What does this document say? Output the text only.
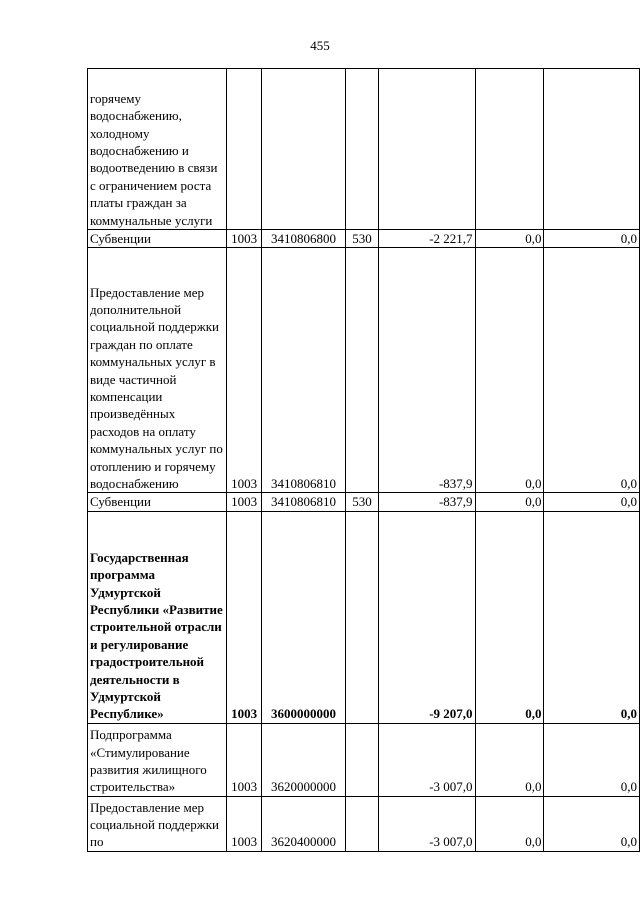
455
горячему водоснабжению, холодному водоснабжению и водоотведению в связи с ограничением роста платы граждан за коммунальные услуги						
Субвенции	1003	3410806800	530	-2 221,7	0,0	0,0
Предоставление мер дополнительной социальной поддержки граждан по оплате коммунальных услуг в виде частичной компенсации произведённых расходов на оплату коммунальных услуг по отоплению и горячему водоснабжению	1003	3410806810		-837,9	0,0	0,0
Субвенции	1003	3410806810	530	-837,9	0,0	0,0
Государственная программа Удмуртской Республики «Развитие строительной отрасли и регулирование градостроительной деятельности в Удмуртской Республике»	1003	3600000000		-9 207,0	0,0	0,0
Подпрограмма «Стимулирование развития жилищного строительства»	1003	3620000000		-3 007,0	0,0	0,0
Предоставление мер социальной поддержки по	1003	3620400000		-3 007,0	0,0	0,0
